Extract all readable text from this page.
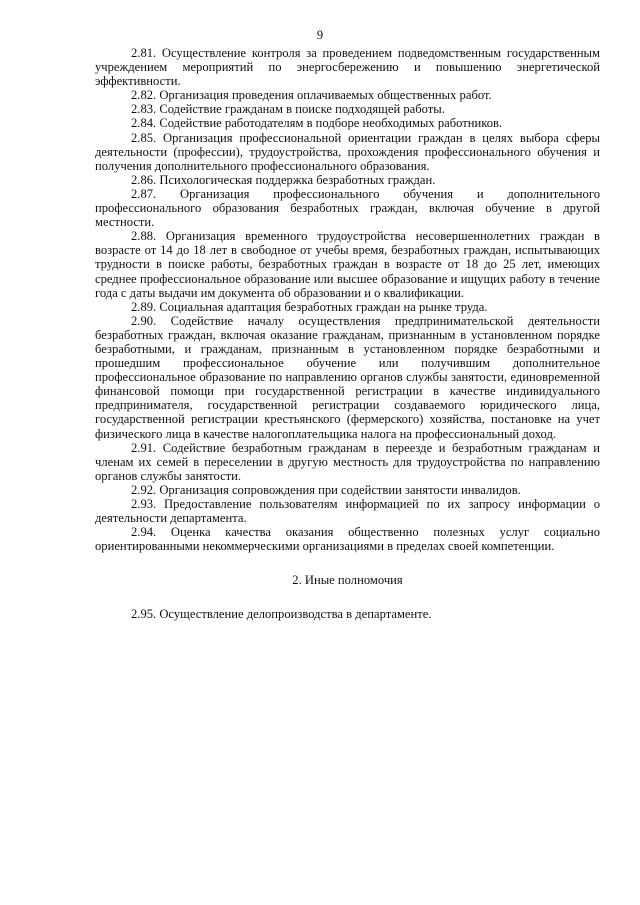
9

2.81. Осуществление контроля за проведением подведомственным государственным учреждением мероприятий по энергосбережению и повышению энергетической эффективности.

2.82. Организация проведения оплачиваемых общественных работ.

2.83. Содействие гражданам в поиске подходящей работы.

2.84. Содействие работодателям в подборе необходимых работников.

2.85. Организация профессиональной ориентации граждан в целях выбора сферы деятельности (профессии), трудоустройства, прохождения профессионального обучения и получения дополнительного профессионального образования.

2.86. Психологическая поддержка безработных граждан.

2.87. Организация профессионального обучения и дополнительного профессионального образования безработных граждан, включая обучение в другой местности.

2.88. Организация временного трудоустройства несовершеннолетних граждан в возрасте от 14 до 18 лет в свободное от учебы время, безработных граждан, испытывающих трудности в поиске работы, безработных граждан в возрасте от 18 до 25 лет, имеющих среднее профессиональное образование или высшее образование и ищущих работу в течение года с даты выдачи им документа об образовании и о квалификации.

2.89. Социальная адаптация безработных граждан на рынке труда.

2.90. Содействие началу осуществления предпринимательской деятельности безработных граждан, включая оказание гражданам, признанным в установленном порядке безработными, и гражданам, признанным в установленном порядке безработными и прошедшим профессиональное обучение или получившим дополнительное профессиональное образование по направлению органов службы занятости, единовременной финансовой помощи при государственной регистрации в качестве индивидуального предпринимателя, государственной регистрации создаваемого юридического лица, государственной регистрации крестьянского (фермерского) хозяйства, постановке на учет физического лица в качестве налогоплательщика налога на профессиональный доход.

2.91. Содействие безработным гражданам в переезде и безработным гражданам и членам их семей в переселении в другую местность для трудоустройства по направлению органов службы занятости.

2.92. Организация сопровождения при содействии занятости инвалидов.

2.93. Предоставление пользователям информацией по их запросу информации о деятельности департамента.

2.94. Оценка качества оказания общественно полезных услуг социально ориентированными некоммерческими организациями в пределах своей компетенции.

2. Иные полномочия

2.95. Осуществление делопроизводства в департаменте.
